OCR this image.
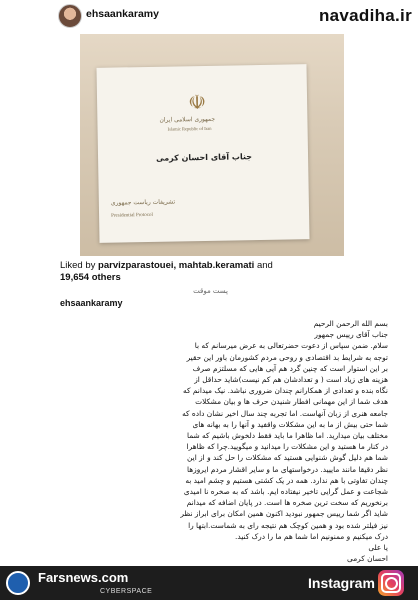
navadiha.ir
ehsaankaramy
☫
جمهوری اسلامی ایران
Islamic Republic of Iran
جناب آقای احسان کرمی
تشریفات ریاست جمهوری
Presidential Protocol
Liked by parvizparastouei, mahtab.keramati and
19,654 others
پست موقت
ehsaankaramy

بسم الله الرحمن الرحيم

جناب آقای رییس جمهور

سلام. ضمن سپاس از دعوت حضرتعالی به عرض میرسانم که با

توجه به شرایط بد اقتصادی و روحی مردم کشورمان باور این حقیر

بر این استوار است که چنین گرد هم آیی هایی که مسلتزم صرف

هزینه های زیاد است ( و تعدادشان هم کم نیست)شاید حداقل از

نگاه بنده و تعدادی از همکارانم چندان ضروری نباشد. نیک میدانم که

هدف شما از این مهمانی افطار شنیدن حرف ها و بیان مشکلات

جامعه هنری از زبان آنهاست. اما تجربه چند سال اخیر نشان داده که

شما حتی بیش از ما به این مشکلات واقفید و آنها را به بهانه های

مختلف بیان میدارید. اما ظاهرا ما باید فقط دلخوش باشیم که شما

در کنار ما هستید و این مشکلات را میدانید و میگویید.چرا که ظاهرا

شما هم دلیل گوش شنوایی هستید که مشکلات را حل کند و از این

نظر دقیقا مانند ماییید. درخواستهای ما و سایر اقشار مردم ایروزها

چندان تفاوتی با هم ندارد. همه در یک کشتی هستیم و چشم امید به

شجاعت و عمل گرایی تاخیر نیفتاده ایم. باشد که به صخره نا امیدی

برنخوریم که سخت ترین صخره ها است. در پایان اضافه که میدانم

شاید اگر شما رییس جمهور نبودید اکنون همین امکان برای ابراز نظر

نیز فیلتر شده بود و همین کوچک هم نتیجه رای به شماست.ابتها را

درک میکنیم و ممنونیم اما شما هم ما را درک کنید.

یا علی

احسان کرمی

Farsnews.com
CYBERSPACE
Instagram
